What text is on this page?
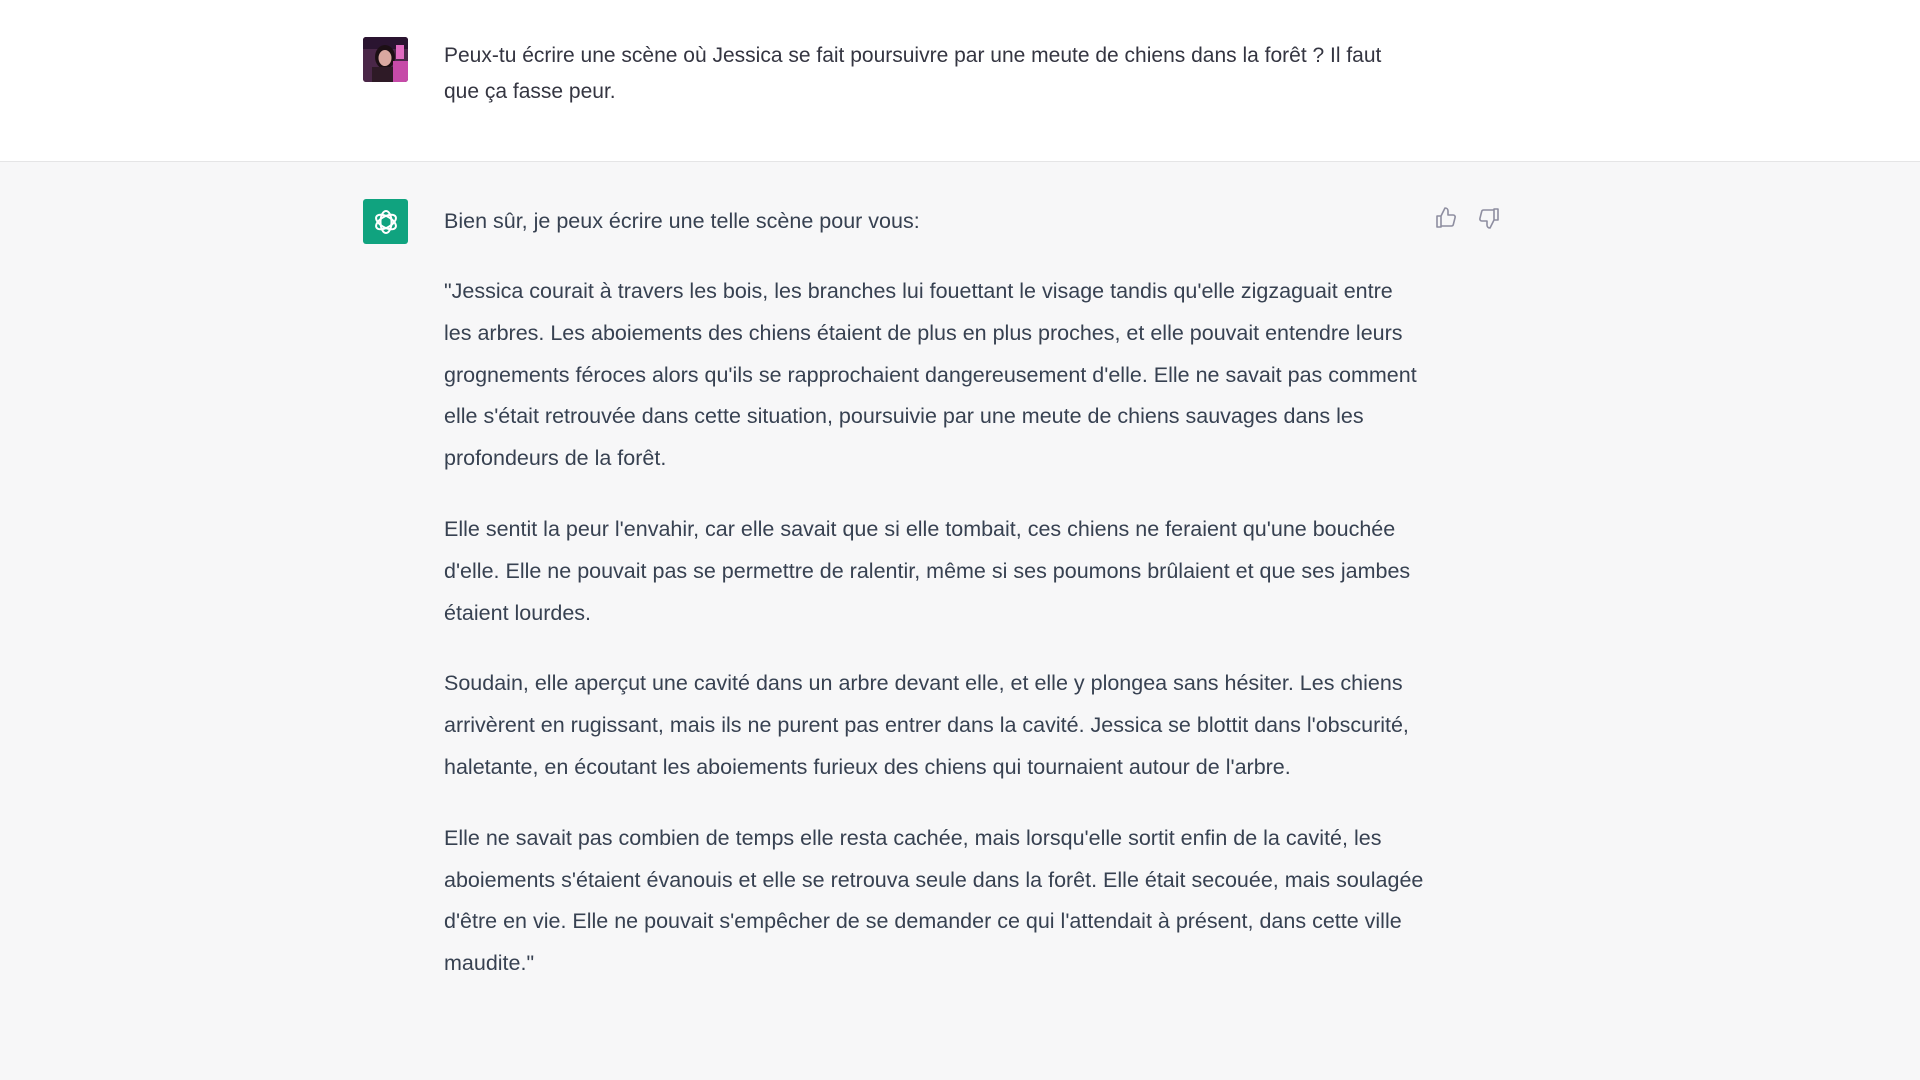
Peux-tu écrire une scène où Jessica se fait poursuivre par une meute de chiens dans la forêt ? Il faut que ça fasse peur.

Bien sûr, je peux écrire une telle scène pour vous:

"Jessica courait à travers les bois, les branches lui fouettant le visage tandis qu'elle zigzaguait entre les arbres. Les aboiements des chiens étaient de plus en plus proches, et elle pouvait entendre leurs grognements féroces alors qu'ils se rapprochaient dangereusement d'elle. Elle ne savait pas comment elle s'était retrouvée dans cette situation, poursuivie par une meute de chiens sauvages dans les profondeurs de la forêt.

Elle sentit la peur l'envahir, car elle savait que si elle tombait, ces chiens ne feraient qu'une bouchée d'elle. Elle ne pouvait pas se permettre de ralentir, même si ses poumons brûlaient et que ses jambes étaient lourdes.

Soudain, elle aperçut une cavité dans un arbre devant elle, et elle y plongea sans hésiter. Les chiens arrivèrent en rugissant, mais ils ne purent pas entrer dans la cavité. Jessica se blottit dans l'obscurité, haletante, en écoutant les aboiements furieux des chiens qui tournaient autour de l'arbre.

Elle ne savait pas combien de temps elle resta cachée, mais lorsqu'elle sortit enfin de la cavité, les aboiements s'étaient évanouis et elle se retrouva seule dans la forêt. Elle était secouée, mais soulagée d'être en vie. Elle ne pouvait s'empêcher de se demander ce qui l'attendait à présent, dans cette ville maudite."
